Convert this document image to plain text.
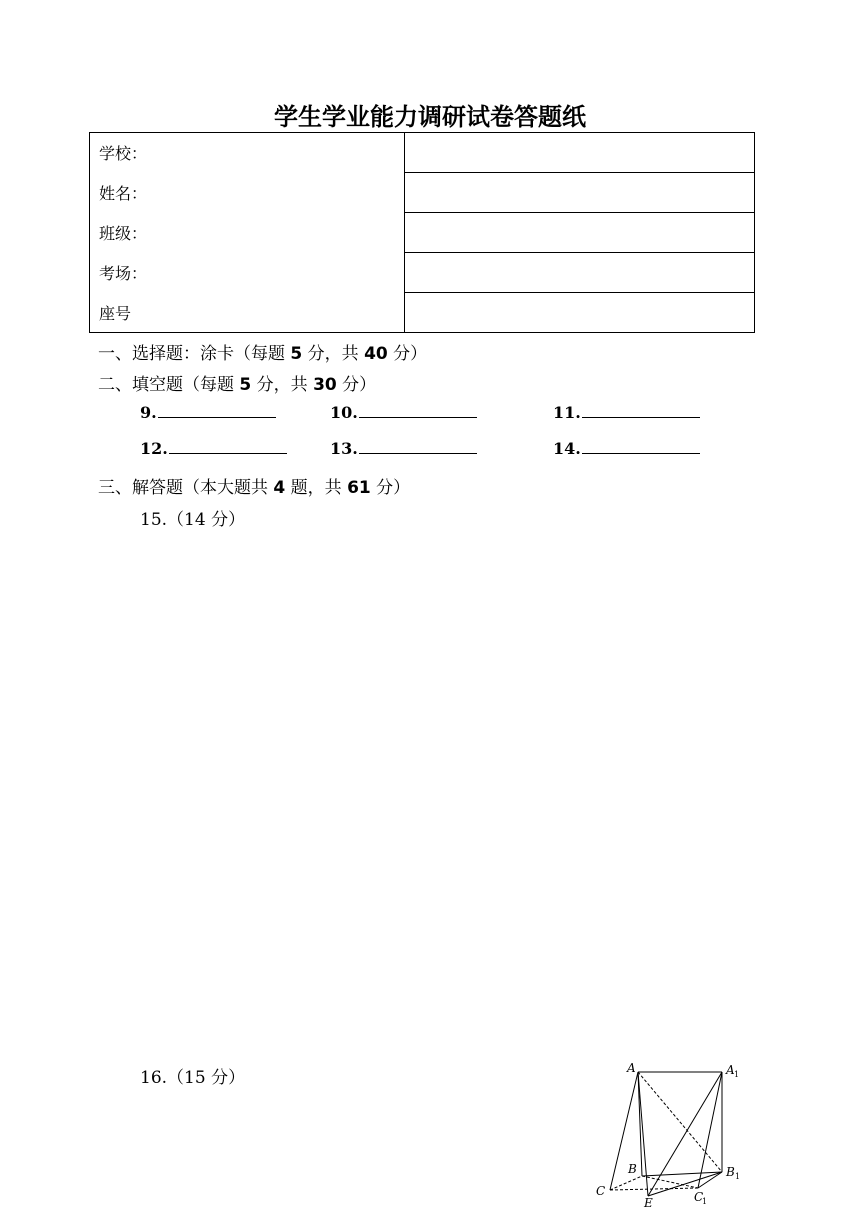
学生学业能力调研试卷答题纸
学校：	
姓名：	
班级：	
考场：	
座号	
一、选择题：涂卡（每题 5 分，共 40 分）
二、填空题（每题 5 分，共 30 分）
9.	10.	11.
12.	13.	14.
三、解答题（本大题共 4 题，共 61 分）
15.（14 分）
16.（15 分）	A	A 1
B	B 1
C	C
1
E
